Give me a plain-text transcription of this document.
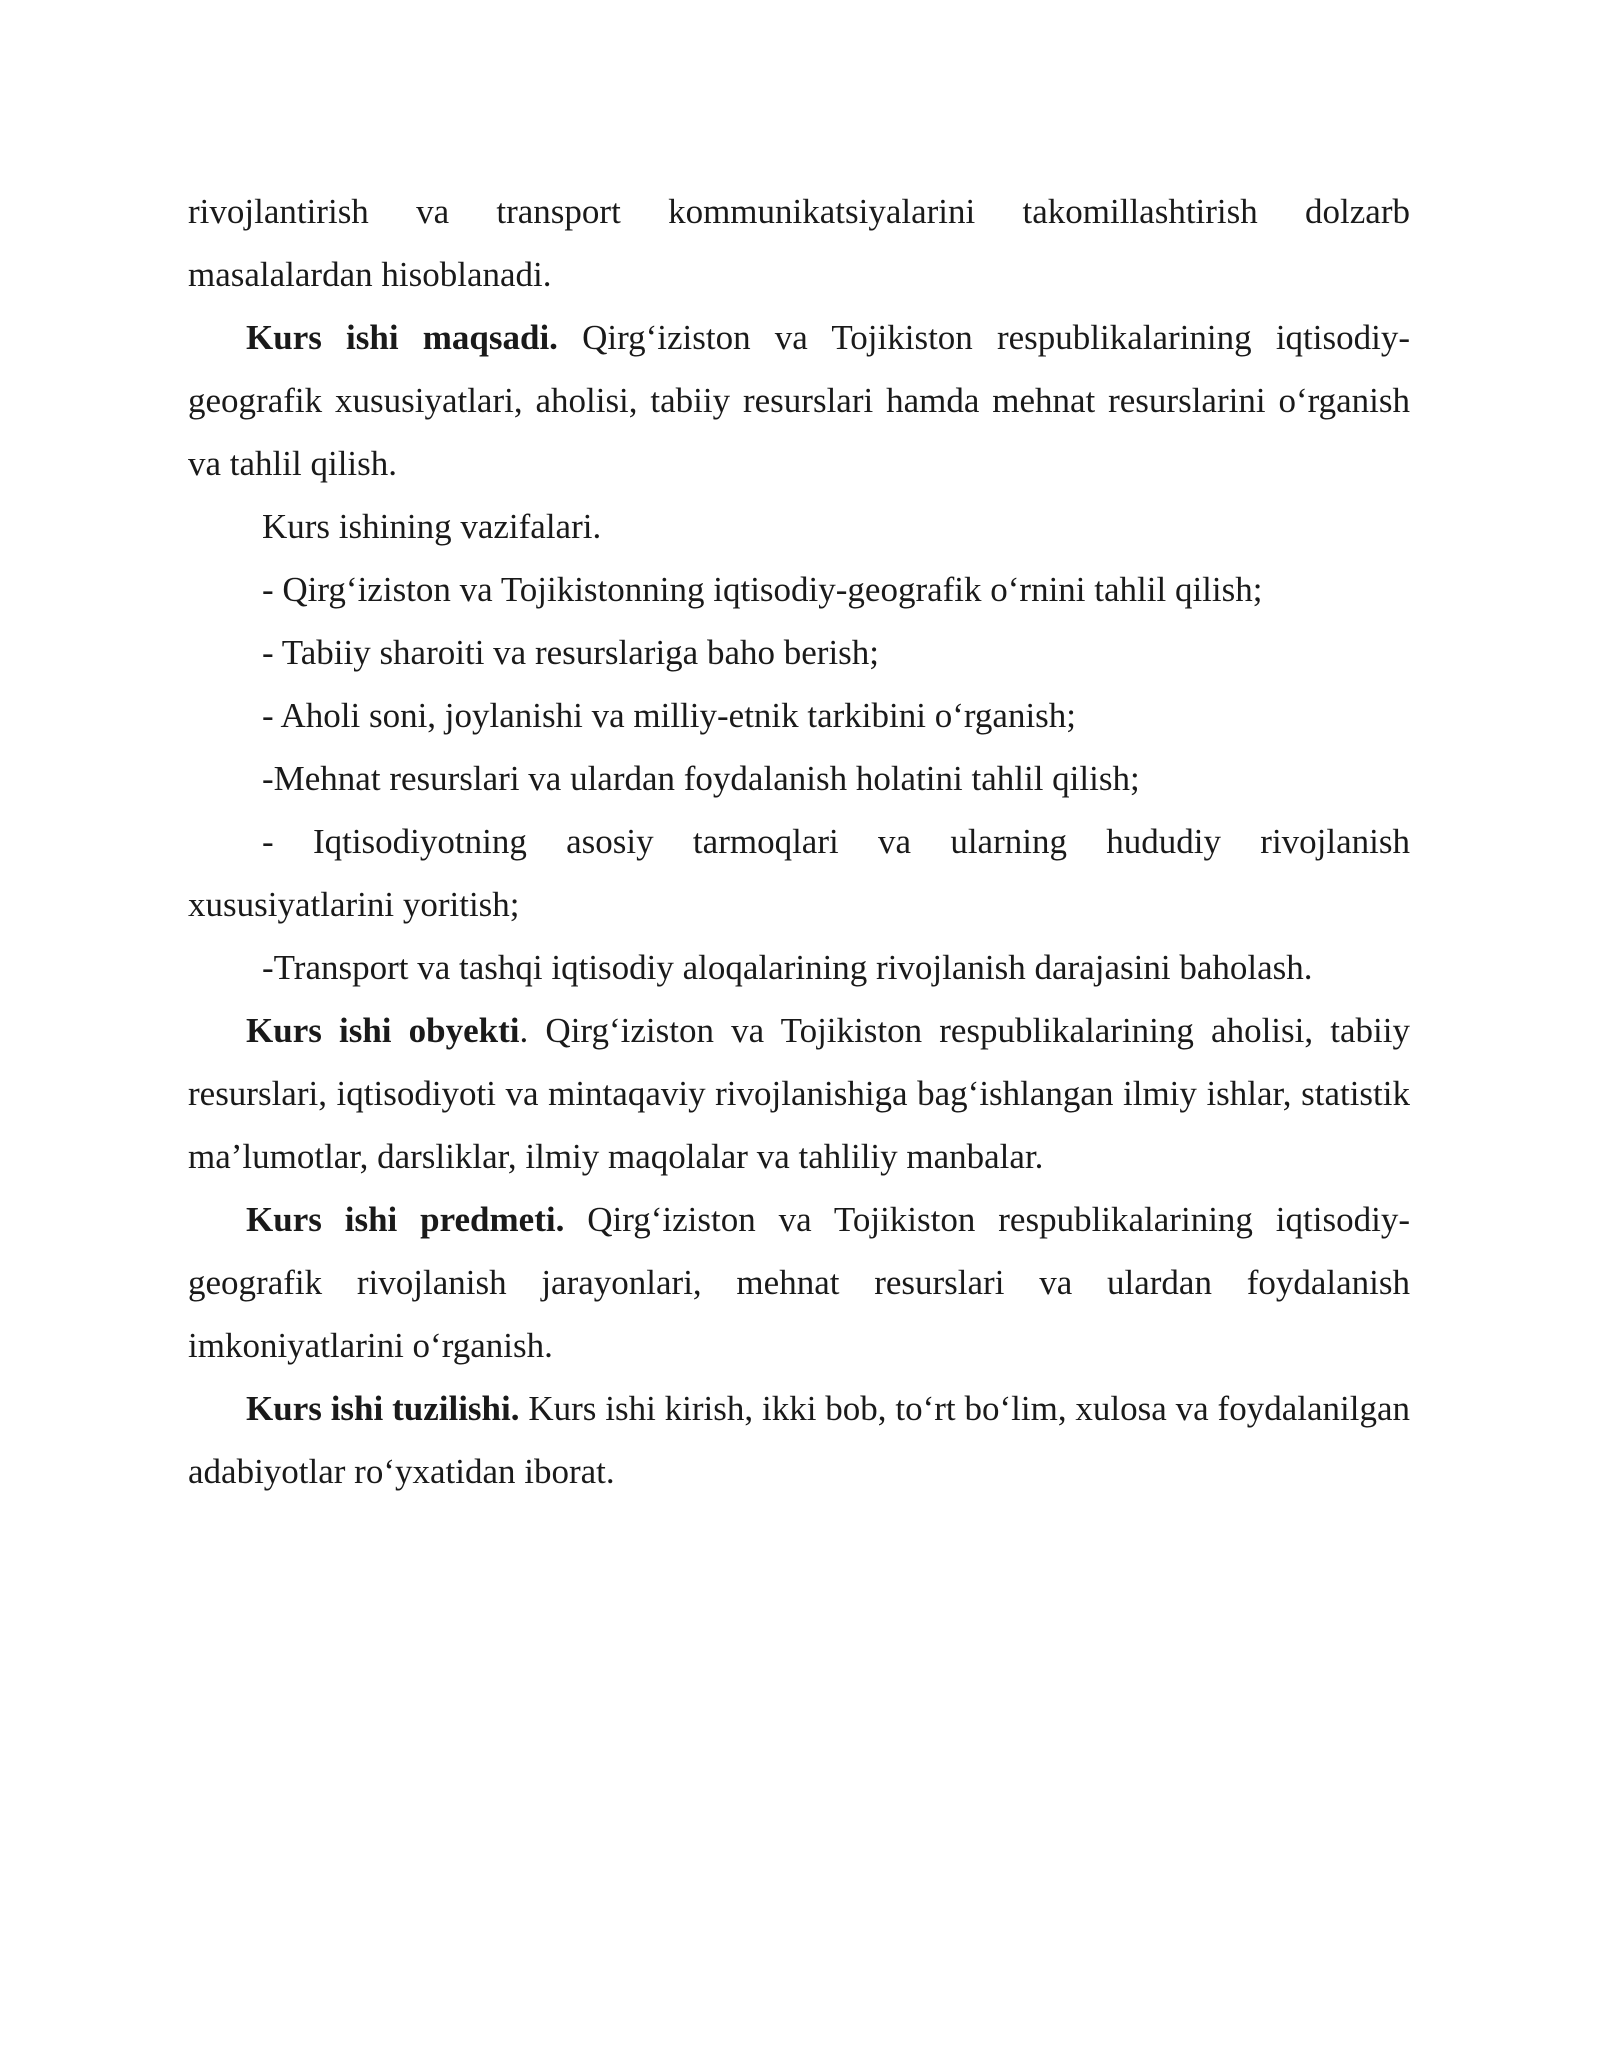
rivojlantirish va transport kommunikatsiyalarini takomillashtirish dolzarb masalalardan hisoblanadi.

Kurs ishi maqsadi. Qirg‘iziston va Tojikiston respublikalarining iqtisodiy-geografik xususiyatlari, aholisi, tabiiy resurslari hamda mehnat resurslarini o‘rganish va tahlil qilish.

Kurs ishining vazifalari.

- Qirg‘iziston va Tojikistonning iqtisodiy-geografik o‘rnini tahlil qilish;

- Tabiiy sharoiti va resurslariga baho berish;

- Aholi soni, joylanishi va milliy-etnik tarkibini o‘rganish;

-Mehnat resurslari va ulardan foydalanish holatini tahlil qilish;

- Iqtisodiyotning asosiy tarmoqlari va ularning hududiy rivojlanish xususiyatlarini yoritish;

-Transport va tashqi iqtisodiy aloqalarining rivojlanish darajasini baholash.

Kurs ishi obyekti. Qirg‘iziston va Tojikiston respublikalarining aholisi, tabiiy resurslari, iqtisodiyoti va mintaqaviy rivojlanishiga bag‘ishlangan ilmiy ishlar, statistik ma’lumotlar, darsliklar, ilmiy maqolalar va tahliliy manbalar.

Kurs ishi predmeti. Qirg‘iziston va Tojikiston respublikalarining iqtisodiy-geografik rivojlanish jarayonlari, mehnat resurslari va ulardan foydalanish imkoniyatlarini o‘rganish.

Kurs ishi tuzilishi. Kurs ishi kirish, ikki bob, to‘rt bo‘lim, xulosa va foydalanilgan adabiyotlar ro‘yxatidan iborat.
